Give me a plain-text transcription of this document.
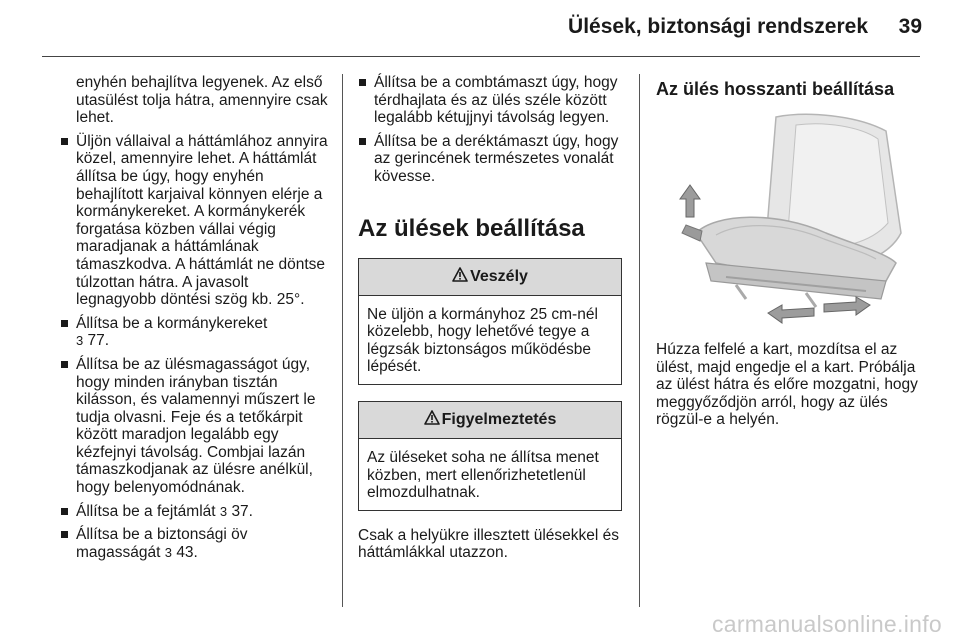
Ülések, biztonsági rendszerek 39

enyhén behajlítva legyenek. Az első utasülést tolja hátra, amennyire csak lehet.

Üljön vállaival a háttámlához annyira közel, amennyire lehet. A háttámlát állítsa be úgy, hogy enyhén behajlított karjaival könnyen elérje a kormánykereket. A kormánykerék forgatása közben vállai végig maradjanak a háttámlának támaszkodva. A háttámlát ne döntse túlzottan hátra. A javasolt legnagyobb döntési szög kb. 25°.
Állítsa be a kormánykereket
3 77.
Állítsa be az ülésmagasságot úgy, hogy minden irányban tisztán kilásson, és valamennyi műszert le tudja olvasni. Feje és a tetőkárpit között maradjon legalább egy kézfejnyi távolság. Combjai lazán támaszkodjanak az ülésre anélkül, hogy belenyomódnának.
Állítsa be a fejtámlát 3 37.
Állítsa be a biztonsági öv magasságát 3 43.
Állítsa be a combtámaszt úgy, hogy térdhajlata és az ülés széle között legalább kétujjnyi távolság legyen.
Állítsa be a deréktámaszt úgy, hogy az gerincének természetes vonalát kövesse.
Az ülések beállítása
Veszély
Ne üljön a kormányhoz 25 cm-nél közelebb, hogy lehetővé tegye a légzsák biztonságos működésbe lépését.
Figyelmeztetés
Az üléseket soha ne állítsa menet közben, mert ellenőrizhetetlenül elmozdulhatnak.

Csak a helyükre illesztett ülésekkel és háttámlákkal utazzon.

Az ülés hosszanti beállítása

Húzza felfelé a kart, mozdítsa el az ülést, majd engedje el a kart. Próbálja az ülést hátra és előre mozgatni, hogy meggyőződjön arról, hogy az ülés rögzül-e a helyén.

carmanualsonline.info
